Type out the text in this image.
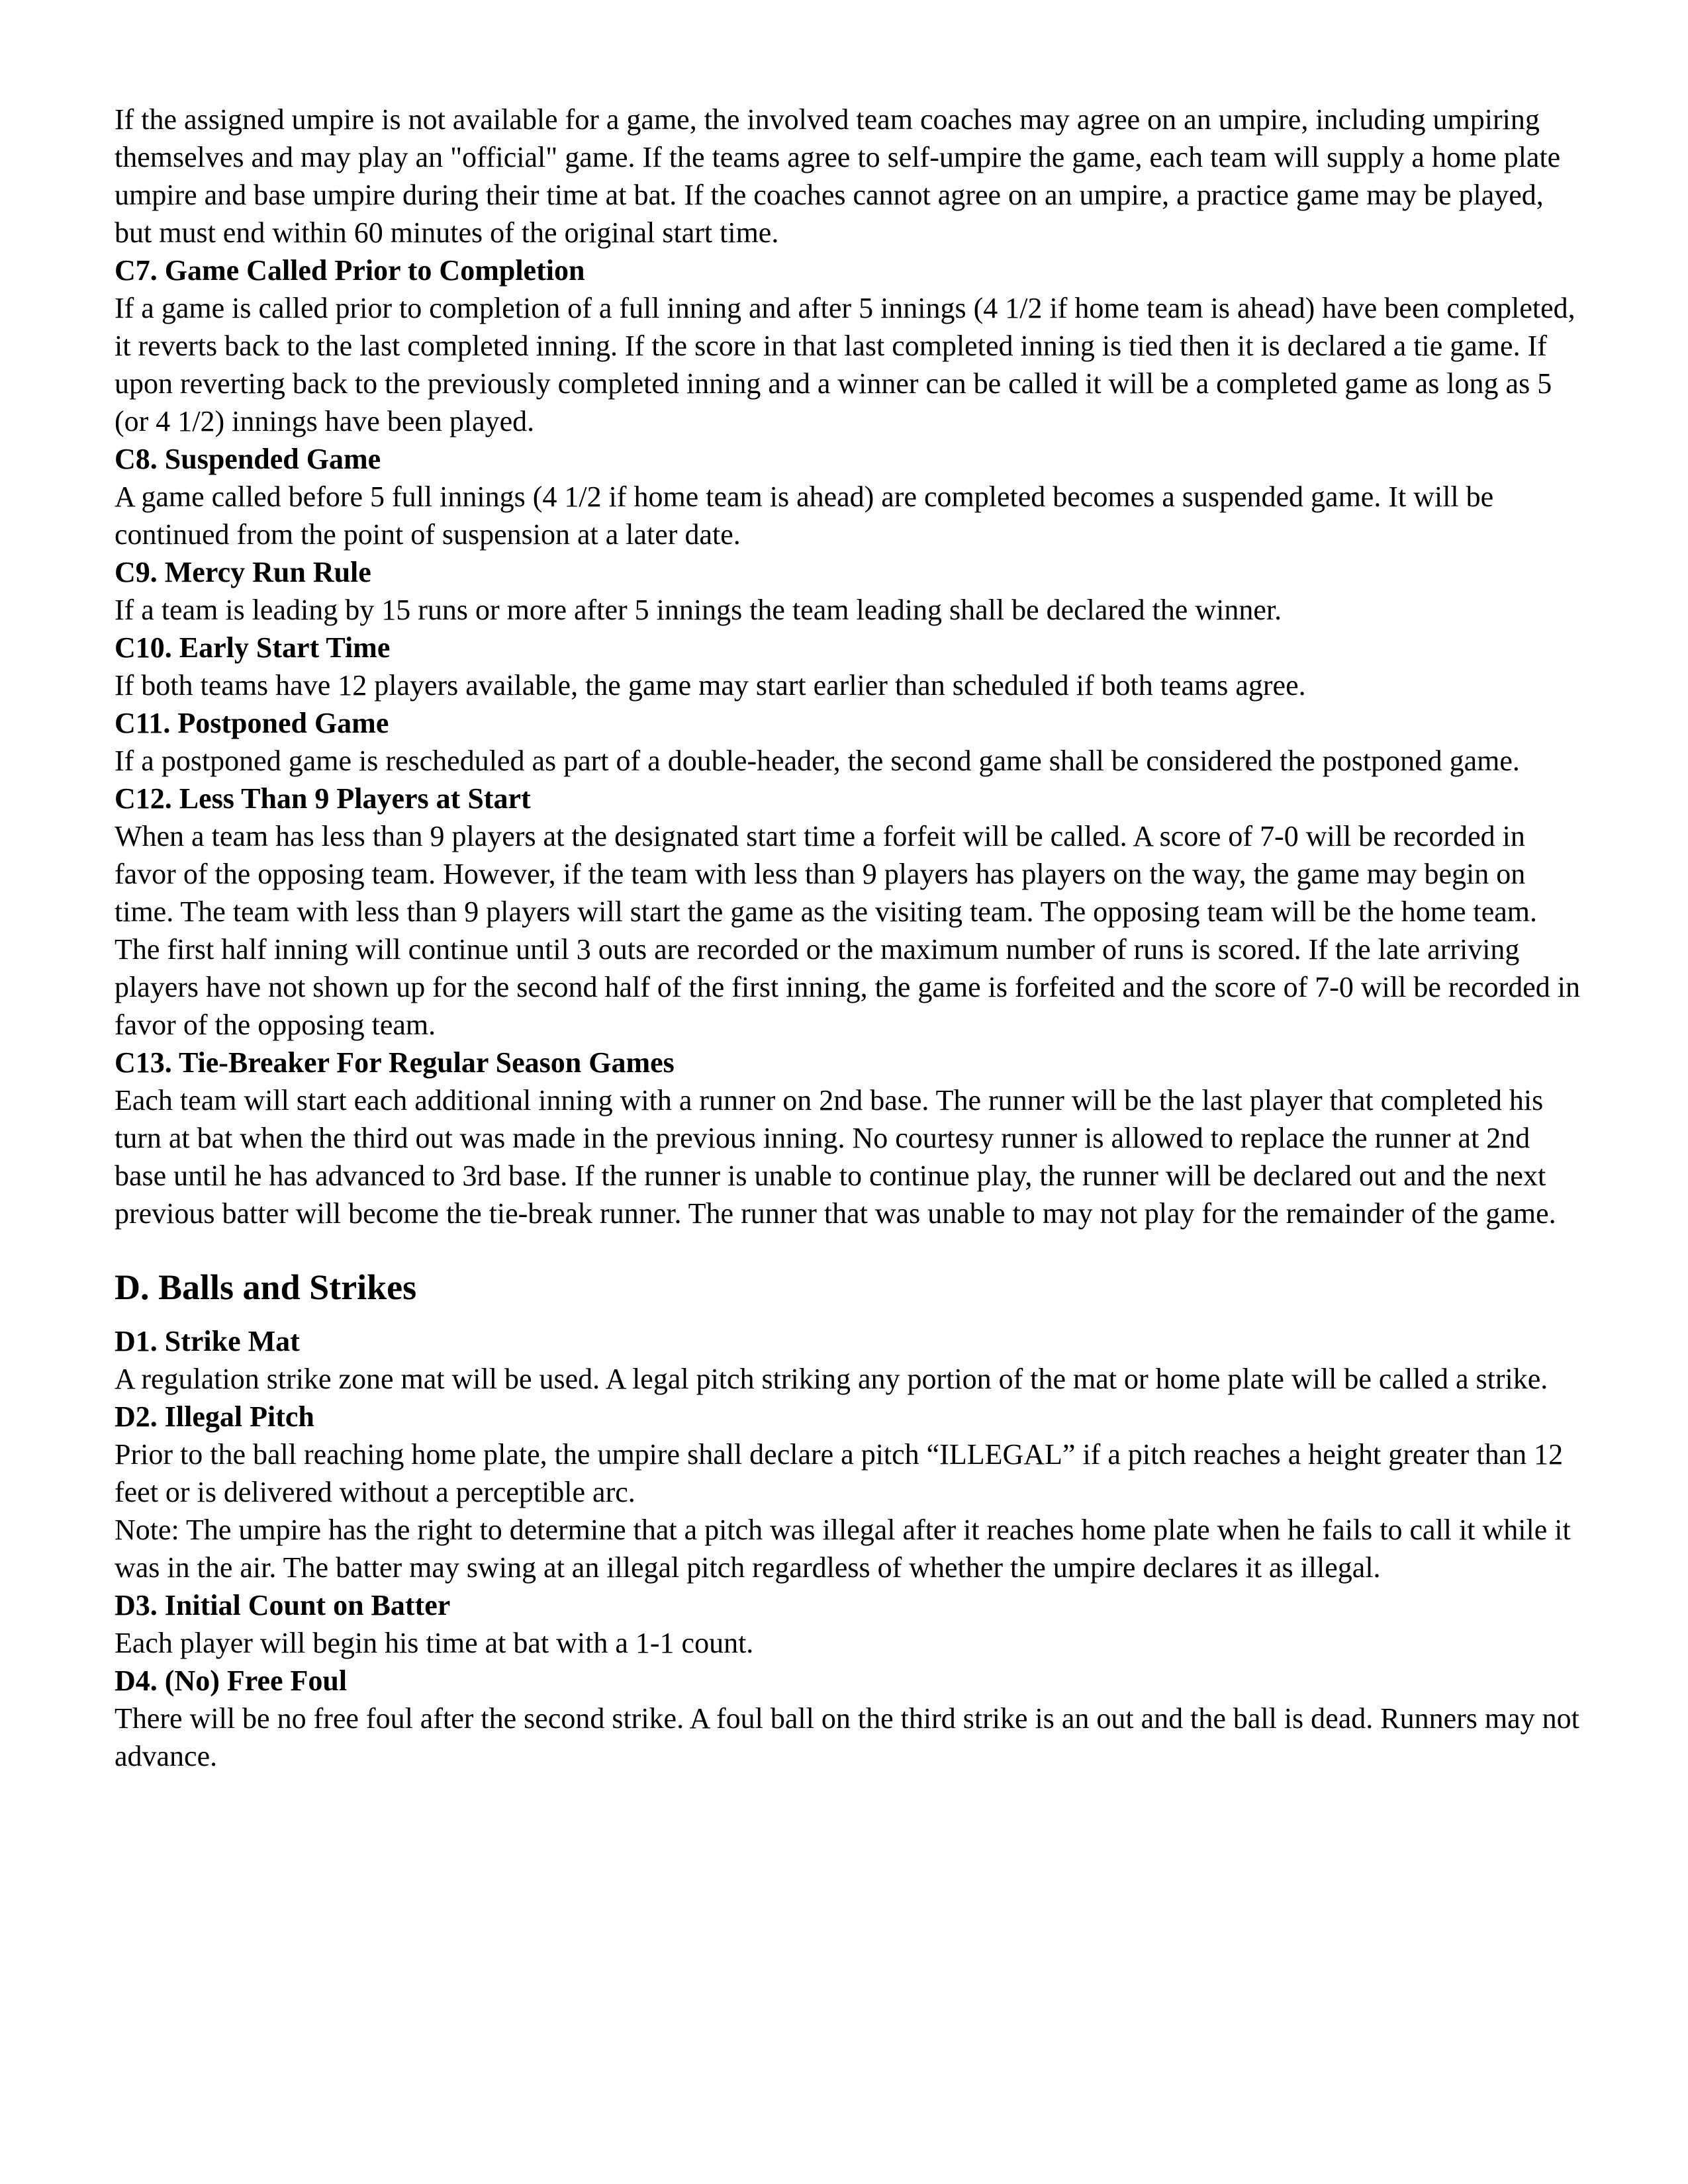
If the assigned umpire is not available for a game, the involved team coaches may agree on an umpire, including umpiring themselves and may play an "official" game. If the teams agree to self-umpire the game, each team will supply a home plate umpire and base umpire during their time at bat. If the coaches cannot agree on an umpire, a practice game may be played, but must end within 60 minutes of the original start time.

C7. Game Called Prior to Completion

If a game is called prior to completion of a full inning and after 5 innings (4 1/2 if home team is ahead) have been completed, it reverts back to the last completed inning. If the score in that last completed inning is tied then it is declared a tie game. If upon reverting back to the previously completed inning and a winner can be called it will be a completed game as long as 5 (or 4 1/2) innings have been played.

C8. Suspended Game

A game called before 5 full innings (4 1/2 if home team is ahead) are completed becomes a suspended game. It will be continued from the point of suspension at a later date.

C9. Mercy Run Rule

If a team is leading by 15 runs or more after 5 innings the team leading shall be declared the winner.

C10. Early Start Time

If both teams have 12 players available, the game may start earlier than scheduled if both teams agree.

C11. Postponed Game

If a postponed game is rescheduled as part of a double-header, the second game shall be considered the postponed game.

C12. Less Than 9 Players at Start

When a team has less than 9 players at the designated start time a forfeit will be called. A score of 7-0 will be recorded in favor of the opposing team. However, if the team with less than 9 players has players on the way, the game may begin on time. The team with less than 9 players will start the game as the visiting team. The opposing team will be the home team. The first half inning will continue until 3 outs are recorded or the maximum number of runs is scored. If the late arriving players have not shown up for the second half of the first inning, the game is forfeited and the score of 7-0 will be recorded in favor of the opposing team.

C13. Tie-Breaker For Regular Season Games

Each team will start each additional inning with a runner on 2nd base. The runner will be the last player that completed his turn at bat when the third out was made in the previous inning. No courtesy runner is allowed to replace the runner at 2nd base until he has advanced to 3rd base. If the runner is unable to continue play, the runner will be declared out and the next previous batter will become the tie-break runner. The runner that was unable to may not play for the remainder of the game.

D. Balls and Strikes
D1. Strike Mat

A regulation strike zone mat will be used. A legal pitch striking any portion of the mat or home plate will be called a strike.

D2. Illegal Pitch

Prior to the ball reaching home plate, the umpire shall declare a pitch “ILLEGAL” if a pitch reaches a height greater than 12 feet or is delivered without a perceptible arc.

Note: The umpire has the right to determine that a pitch was illegal after it reaches home plate when he fails to call it while it was in the air. The batter may swing at an illegal pitch regardless of whether the umpire declares it as illegal.

D3. Initial Count on Batter

Each player will begin his time at bat with a 1-1 count.

D4. (No) Free Foul

There will be no free foul after the second strike. A foul ball on the third strike is an out and the ball is dead. Runners may not advance.
